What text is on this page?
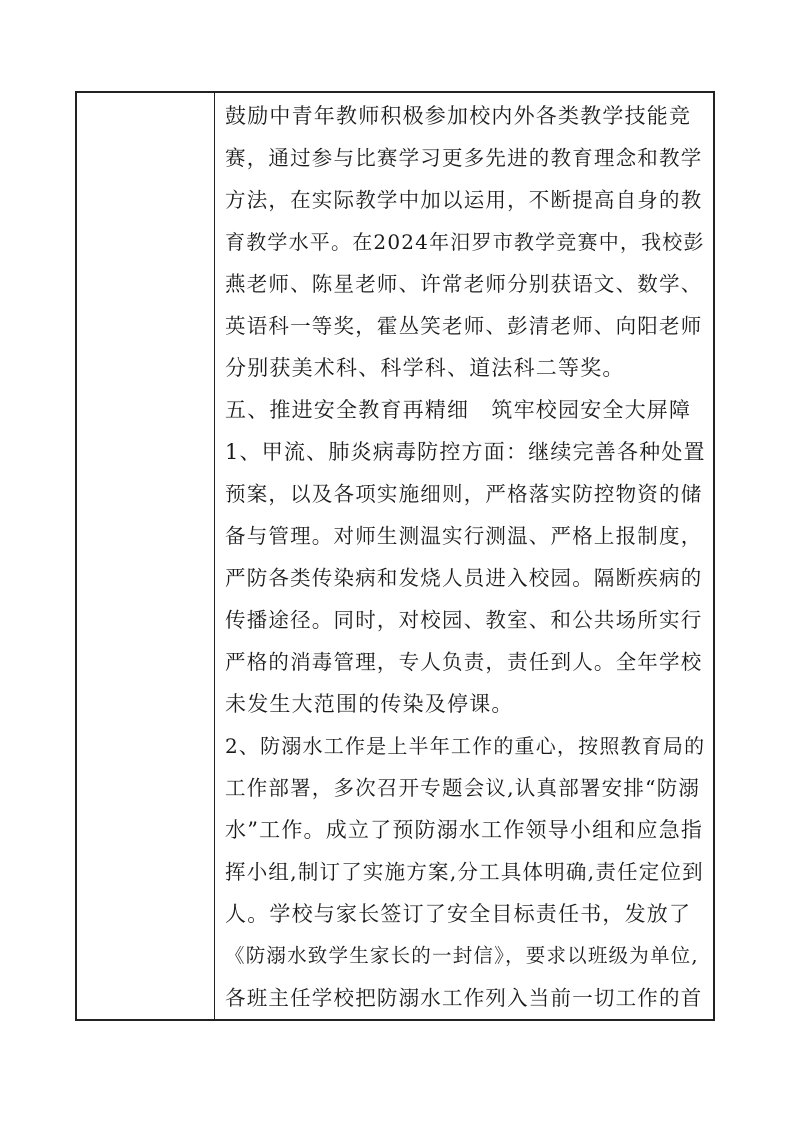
鼓励中青年教师积极参加校内外各类教学技能竞
赛，通过参与比赛学习更多先进的教育理念和教学
方法，在实际教学中加以运用，不断提高自身的教
育教学水平。在2024年汨罗市教学竞赛中，我校彭
燕老师、陈星老师、许常老师分别获语文、数学、
英语科一等奖，霍丛笑老师、彭清老师、向阳老师
分别获美术科、科学科、道法科二等奖。
五、推进安全教育再精细　筑牢校园安全大屏障
1、甲流、肺炎病毒防控方面：继续完善各种处置
预案，以及各项实施细则，严格落实防控物资的储
备与管理。对师生测温实行测温、严格上报制度，
严防各类传染病和发烧人员进入校园。隔断疾病的
传播途径。同时，对校园、教室、和公共场所实行
严格的消毒管理，专人负责，责任到人。全年学校
未发生大范围的传染及停课。
2、防溺水工作是上半年工作的重心，按照教育局的
工作部署，多次召开专题会议,认真部署安排“防溺
水”工作。成立了预防溺水工作领导小组和应急指
挥小组,制订了实施方案,分工具体明确,责任定位到
人。学校与家长签订了安全目标责任书，发放了
《防溺水致学生家长的一封信》，要求以班级为单位,
各班主任学校把防溺水工作列入当前一切工作的首
